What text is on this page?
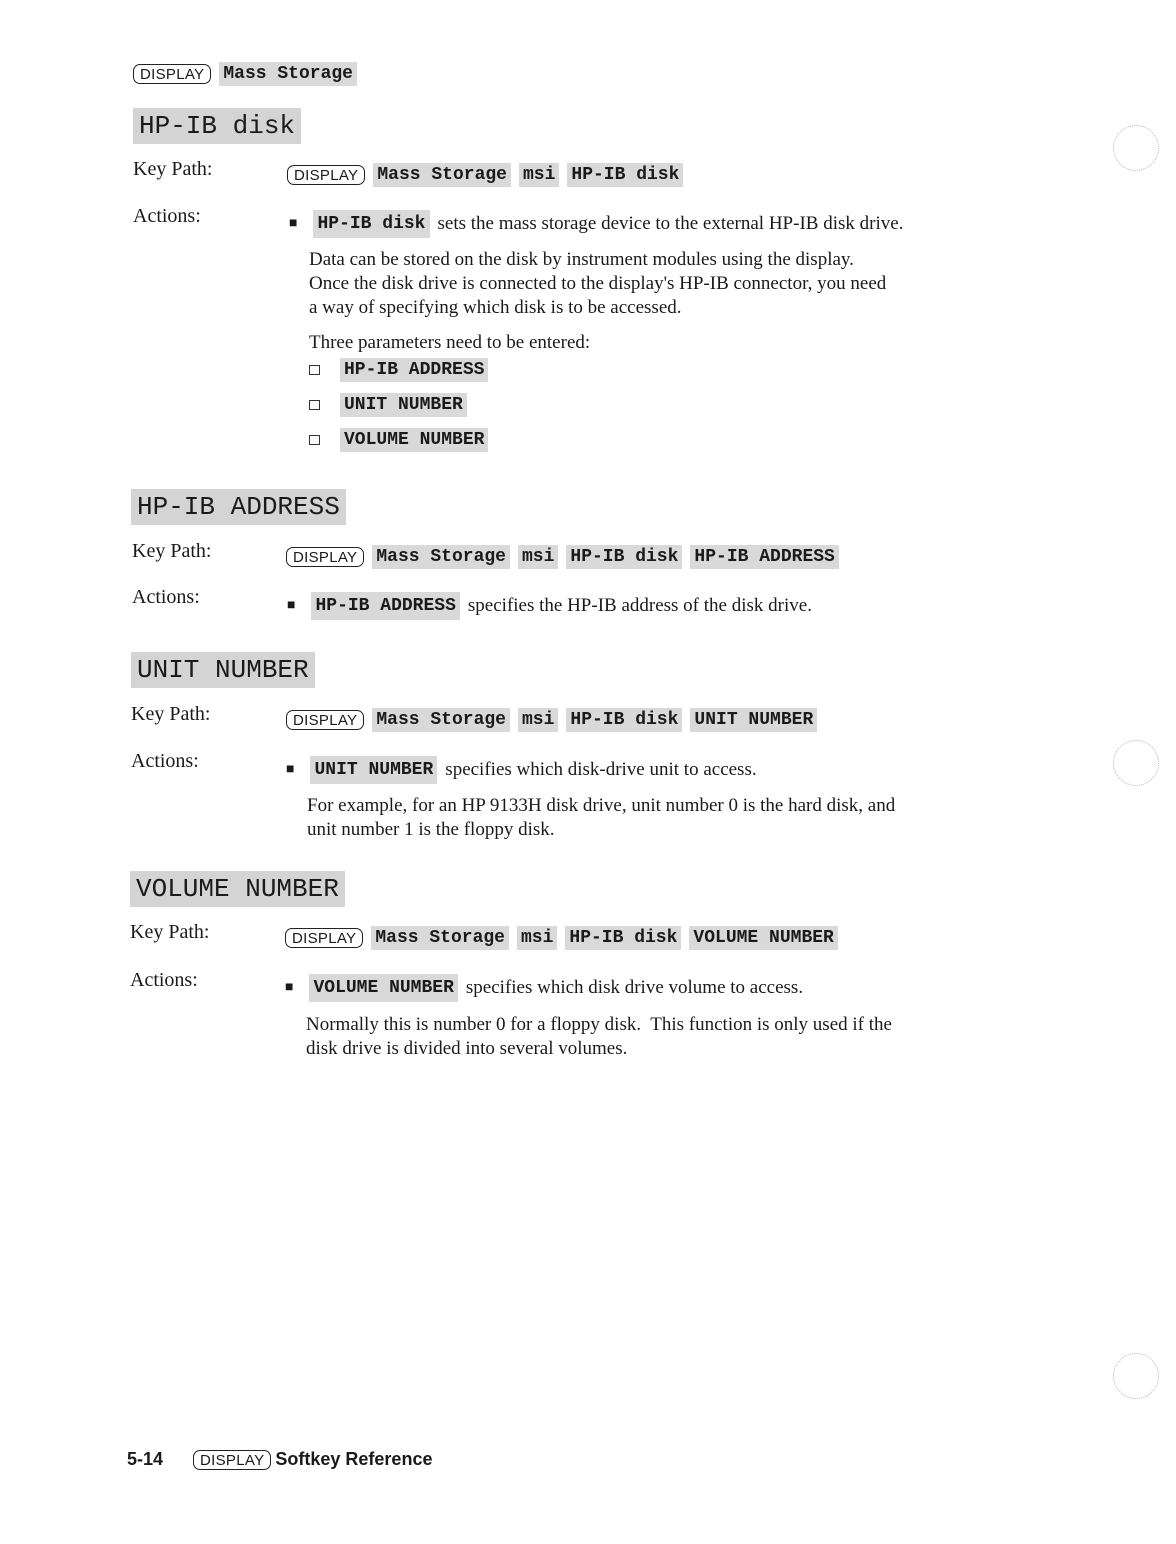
DISPLAY	Mass Storage
HP-IB disk
Key Path:	DISPLAY	Mass Storage msi HP-IB disk
Actions:	■ HP-IB disk sets the mass storage device to the external HP-IB disk drive.
Data can be stored on the disk by instrument modules using the display.
Once the disk drive is connected to the display's HP-IB connector, you need
a way of specifying which disk is to be accessed.
Three parameters need to be entered:
HP-IB ADDRESS
UNIT NUMBER
VOLUME NUMBER
HP-IB ADDRESS
Key Path:	DISPLAY	Mass Storage msi HP-IB disk HP-IB ADDRESS
Actions:	■ HP-IB ADDRESS specifies the HP-IB address of the disk drive.
UNIT NUMBER
Key Path:	DISPLAY	Mass Storage msi HP-IB disk UNIT NUMBER
Actions:	■ UNIT NUMBER specifies which disk-drive unit to access.
For example, for an HP 9133H disk drive, unit number 0 is the hard disk, and
unit number 1 is the floppy disk.
VOLUME NUMBER
Key Path:	DISPLAY	Mass Storage msi HP-IB disk VOLUME NUMBER
Actions:	■ VOLUME NUMBER specifies which disk drive volume to access.
Normally this is number 0 for a floppy disk.  This function is only used if the
disk drive is divided into several volumes.
5-14	DISPLAY Softkey Reference
